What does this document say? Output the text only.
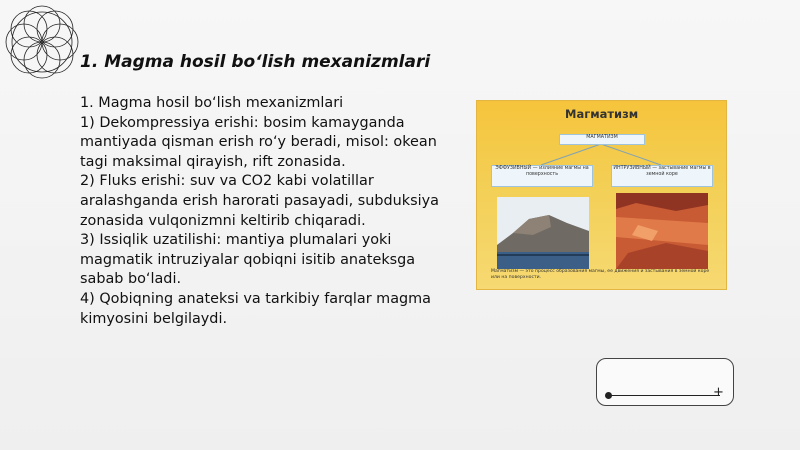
1. Magma hosil bo‘lish mexanizmlari
1. Magma hosil bo‘lish mexanizmlari
1) Dekompressiya erishi: bosim kamayganda mantiyada qisman erish ro‘y beradi, misol: okean tagi maksimal qirayish, rift zonasida.
2) Fluks erishi: suv va CO2 kabi volatillar aralashganda erish harorati pasayadi, subduksiya zonasida vulqonizmni keltirib chiqaradi.
3) Issiqlik uzatilishi: mantiya plumalari yoki magmatik intruziyalar qobiqni isitib anateksga sabab bo‘ladi.
4) Qobiqning anateksi va tarkibiy farqlar magma kimyosini belgilaydi.
Магматизм
МАГМАТИЗМ
ЭФФУЗИВНЫЙ — излияние магмы на поверхность
ИНТРУЗИВНЫЙ — застывание магмы в земной коре
Магматизм — это процесс образования магмы, ее движения и застывания в земной коре или на поверхности.
+
